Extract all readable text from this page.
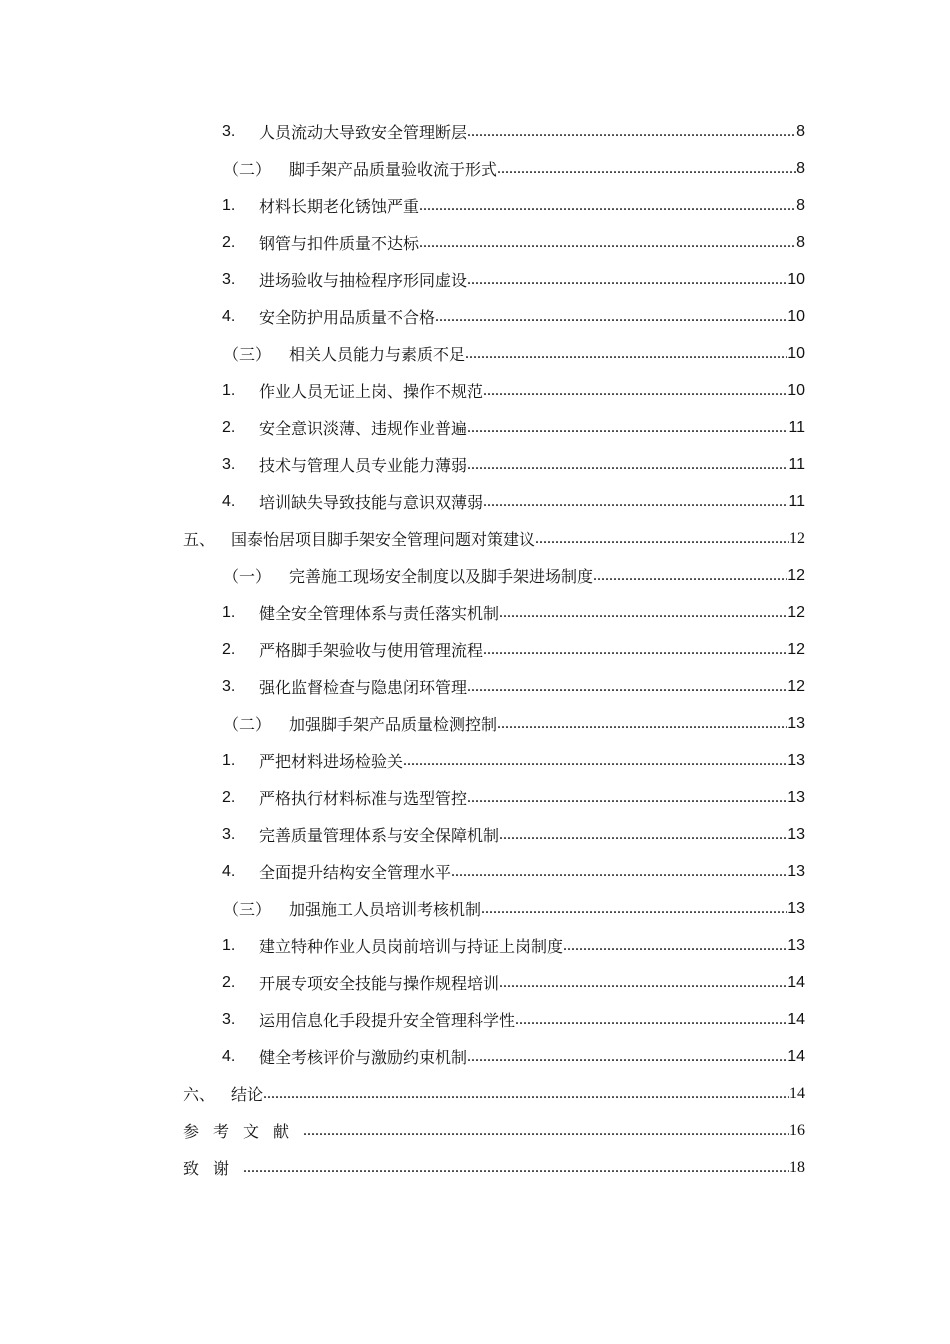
3.	人员流动大导致安全管理断层 .....	8
（二）	脚手架产品质量验收流于形式 .....	8
1.	材料长期老化锈蚀严重 .....	8
2.	钢管与扣件质量不达标 .....	8
3.	进场验收与抽检程序形同虚设 .....	10
4.	安全防护用品质量不合格 .....	10
（三）	相关人员能力与素质不足 .....	10
1.	作业人员无证上岗、操作不规范 .....	10
2.	安全意识淡薄、违规作业普遍 .....	11
3.	技术与管理人员专业能力薄弱 .....	11
4.	培训缺失导致技能与意识双薄弱 .....	11
五、 国泰怡居项目脚手架安全管理问题对策建议 .....	12
（一）	完善施工现场安全制度以及脚手架进场制度 .....	12
1.	健全安全管理体系与责任落实机制 .....	12
2.	严格脚手架验收与使用管理流程 .....	12
3.	强化监督检查与隐患闭环管理 .....	12
（二）	加强脚手架产品质量检测控制 .....	13
1.	严把材料进场检验关 .....	13
2.	严格执行材料标准与选型管控 .....	13
3.	完善质量管理体系与安全保障机制 .....	13
4.	全面提升结构安全管理水平 .....	13
（三）	加强施工人员培训考核机制 .....	13
1.	建立特种作业人员岗前培训与持证上岗制度 .....	13
2.	开展专项安全技能与操作规程培训 .....	14
3.	运用信息化手段提升安全管理科学性 .....	14
4.	健全考核评价与激励约束机制 .....	14
六、 结论 .....	14
参考文献 .....	16
致谢 .....	18
